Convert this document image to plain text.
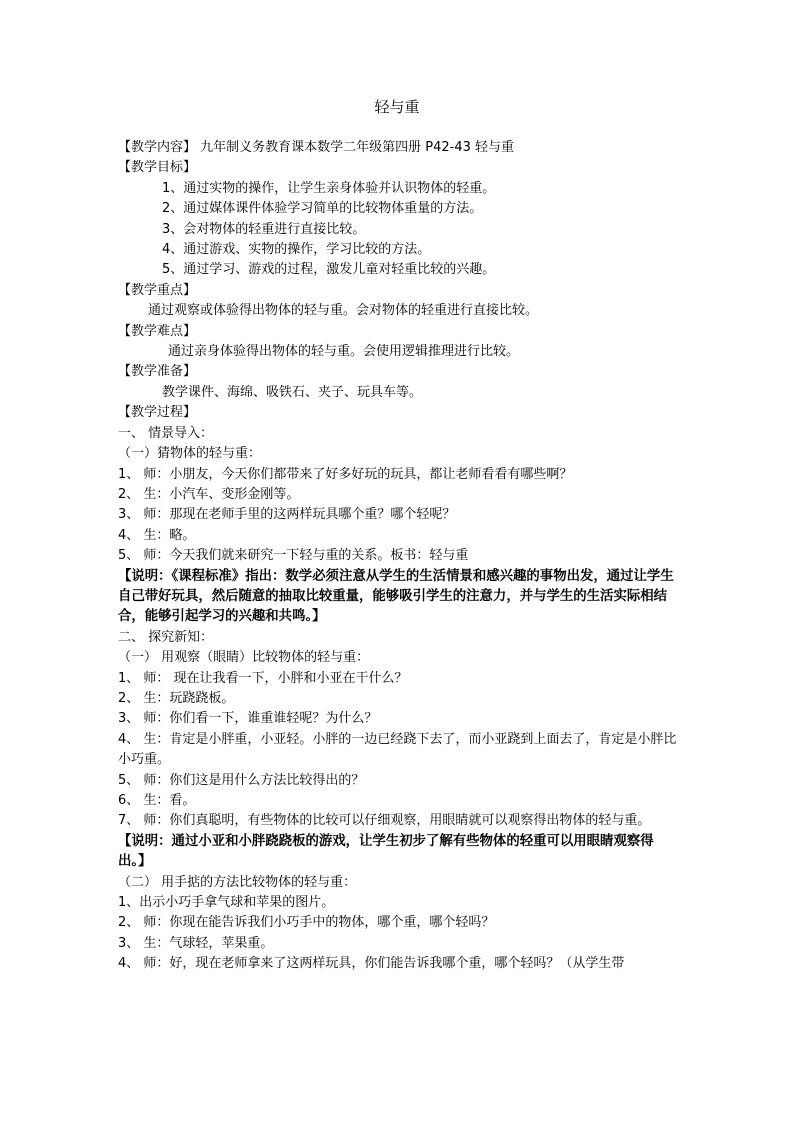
轻与重

【教学内容】 九年制义务教育课本数学二年级第四册 P42-43 轻与重

【教学目标】

1、通过实物的操作，让学生亲身体验并认识物体的轻重。

2、通过媒体课件体验学习简单的比较物体重量的方法。

3、会对物体的轻重进行直接比较。

4、通过游戏、实物的操作，学习比较的方法。

5、通过学习、游戏的过程，激发儿童对轻重比较的兴趣。

【教学重点】

通过观察或体验得出物体的轻与重。会对物体的轻重进行直接比较。

【教学难点】

通过亲身体验得出物体的轻与重。会使用逻辑推理进行比较。

【教学准备】

教学课件、海绵、吸铁石、夹子、玩具车等。

【教学过程】

一、 情景导入：

（一）猜物体的轻与重：

1、 师：小朋友，今天你们都带来了好多好玩的玩具，都让老师看看有哪些啊？

2、 生：小汽车、变形金刚等。

3、 师：那现在老师手里的这两样玩具哪个重？哪个轻呢？

4、 生：略。

5、 师：今天我们就来研究一下轻与重的关系。板书：轻与重

【说明：《课程标准》指出：数学必须注意从学生的生活情景和感兴趣的事物出发，通过让学生自己带好玩具，然后随意的抽取比较重量，能够吸引学生的注意力，并与学生的生活实际相结合，能够引起学习的兴趣和共鸣。】

二、 探究新知：

（一） 用观察（眼睛）比较物体的轻与重：

1、 师： 现在让我看一下，小胖和小亚在干什么？

2、 生：玩跷跷板。

3、 师：你们看一下，谁重谁轻呢？为什么？

4、 生：肯定是小胖重，小亚轻。小胖的一边已经跷下去了，而小亚跷到上面去了，肯定是小胖比小巧重。

5、 师：你们这是用什么方法比较得出的？

6、 生：看。

7、 师：你们真聪明，有些物体的比较可以仔细观察，用眼睛就可以观察得出物体的轻与重。

【说明：通过小亚和小胖跷跷板的游戏，让学生初步了解有些物体的轻重可以用眼睛观察得出。】

（二） 用手掂的方法比较物体的轻与重：

1、出示小巧手拿气球和苹果的图片。

2、 师：你现在能告诉我们小巧手中的物体，哪个重，哪个轻吗？

3、 生：气球轻，苹果重。

4、 师：好，现在老师拿来了这两样玩具，你们能告诉我哪个重，哪个轻吗？（从学生带
